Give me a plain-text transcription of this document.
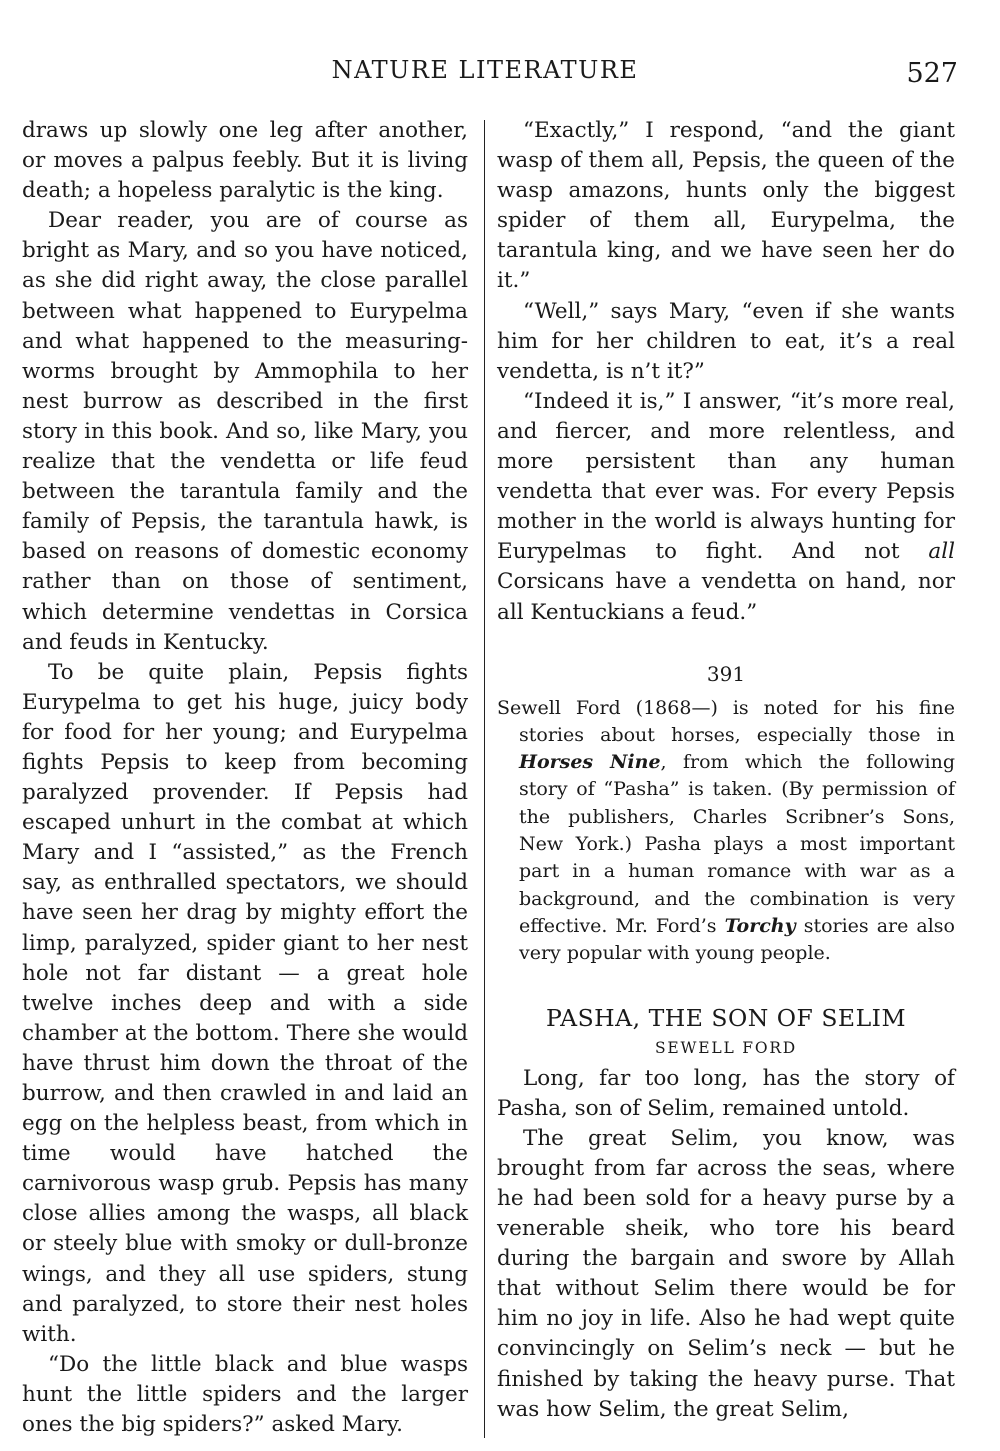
NATURE LITERATURE	527

draws up slowly one leg after another, or moves a palpus feebly. But it is living death; a hopeless paralytic is the king.

Dear reader, you are of course as bright as Mary, and so you have noticed, as she did right away, the close parallel between what happened to Eurypelma and what happened to the measuring-worms brought by Ammophila to her nest burrow as described in the first story in this book. And so, like Mary, you realize that the vendetta or life feud between the tarantula family and the family of Pepsis, the tarantula hawk, is based on reasons of domestic economy rather than on those of sentiment, which determine vendettas in Corsica and feuds in Kentucky.

To be quite plain, Pepsis fights Eurypelma to get his huge, juicy body for food for her young; and Eurypelma fights Pepsis to keep from becoming paralyzed provender. If Pepsis had escaped unhurt in the combat at which Mary and I “assisted,” as the French say, as enthralled spectators, we should have seen her drag by mighty effort the limp, paralyzed, spider giant to her nest hole not far distant — a great hole twelve inches deep and with a side chamber at the bottom. There she would have thrust him down the throat of the burrow, and then crawled in and laid an egg on the helpless beast, from which in time would have hatched the carnivorous wasp grub. Pepsis has many close allies among the wasps, all black or steely blue with smoky or dull-bronze wings, and they all use spiders, stung and paralyzed, to store their nest holes with.

“Do the little black and blue wasps hunt the little spiders and the larger ones the big spiders?” asked Mary.

“Exactly,” I respond, “and the giant wasp of them all, Pepsis, the queen of the wasp amazons, hunts only the biggest spider of them all, Eurypelma, the tarantula king, and we have seen her do it.”

“Well,” says Mary, “even if she wants him for her children to eat, it’s a real vendetta, is n’t it?”

“Indeed it is,” I answer, “it’s more real, and fiercer, and more relentless, and more persistent than any human vendetta that ever was. For every Pepsis mother in the world is always hunting for Eurypelmas to fight. And not all Corsicans have a vendetta on hand, nor all Kentuckians a feud.”

391

Sewell Ford (1868—) is noted for his fine stories about horses, especially those in Horses Nine, from which the following story of “Pasha” is taken. (By permission of the publishers, Charles Scribner’s Sons, New York.) Pasha plays a most important part in a human romance with war as a background, and the combination is very effective. Mr. Ford’s Torchy stories are also very popular with young people.

PASHA, THE SON OF SELIM
SEWELL FORD

Long, far too long, has the story of Pasha, son of Selim, remained untold.

The great Selim, you know, was brought from far across the seas, where he had been sold for a heavy purse by a venerable sheik, who tore his beard during the bargain and swore by Allah that without Selim there would be for him no joy in life. Also he had wept quite convincingly on Selim’s neck — but he finished by taking the heavy purse. That was how Selim, the great Selim,
